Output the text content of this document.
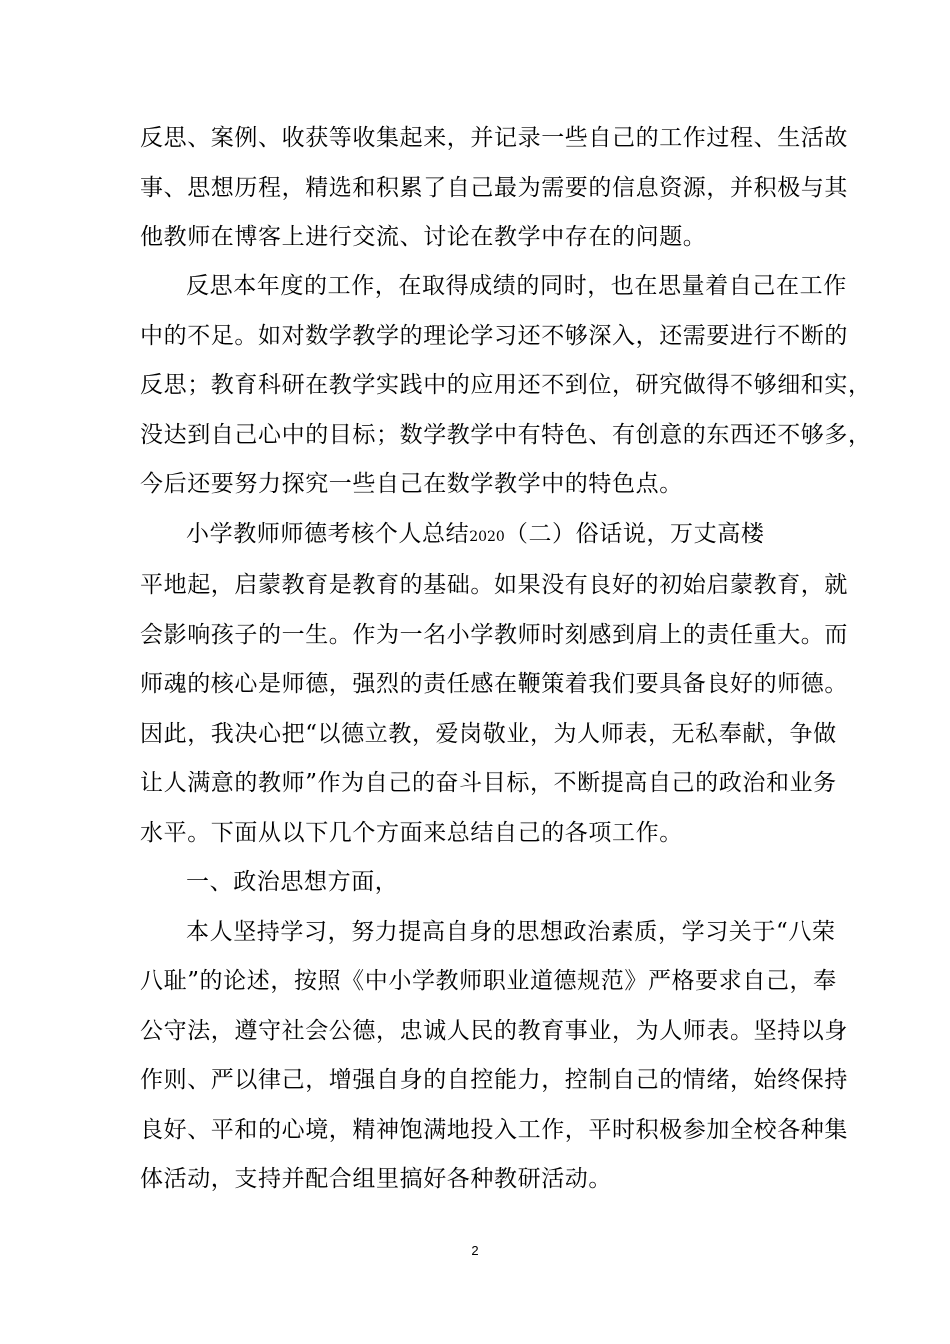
反思、案例、收获等收集起来，并记录一些自己的工作过程、生活故
事、思想历程，精选和积累了自己最为需要的信息资源，并积极与其
他教师在博客上进行交流、讨论在教学中存在的问题。
反思本年度的工作，在取得成绩的同时，也在思量着自己在工作
中的不足。如对数学教学的理论学习还不够深入，还需要进行不断的
反思；教育科研在教学实践中的应用还不到位，研究做得不够细和实，
没达到自己心中的目标；数学教学中有特色、有创意的东西还不够多，
今后还要努力探究一些自己在数学教学中的特色点。
小学教师师德考核个人总结2020（二）俗话说，万丈高楼
平地起，启蒙教育是教育的基础。如果没有良好的初始启蒙教育，就
会影响孩子的一生。作为一名小学教师时刻感到肩上的责任重大。而
师魂的核心是师德，强烈的责任感在鞭策着我们要具备良好的师德。
因此，我决心把“以德立教，爱岗敬业，为人师表，无私奉献，争做
让人满意的教师”作为自己的奋斗目标，不断提高自己的政治和业务
水平。下面从以下几个方面来总结自己的各项工作。
一、政治思想方面，
本人坚持学习，努力提高自身的思想政治素质，学习关于“八荣
八耻”的论述，按照《中小学教师职业道德规范》严格要求自己，奉
公守法，遵守社会公德，忠诚人民的教育事业，为人师表。坚持以身
作则、严以律己，增强自身的自控能力，控制自己的情绪，始终保持
良好、平和的心境，精神饱满地投入工作，平时积极参加全校各种集
体活动，支持并配合组里搞好各种教研活动。
2
